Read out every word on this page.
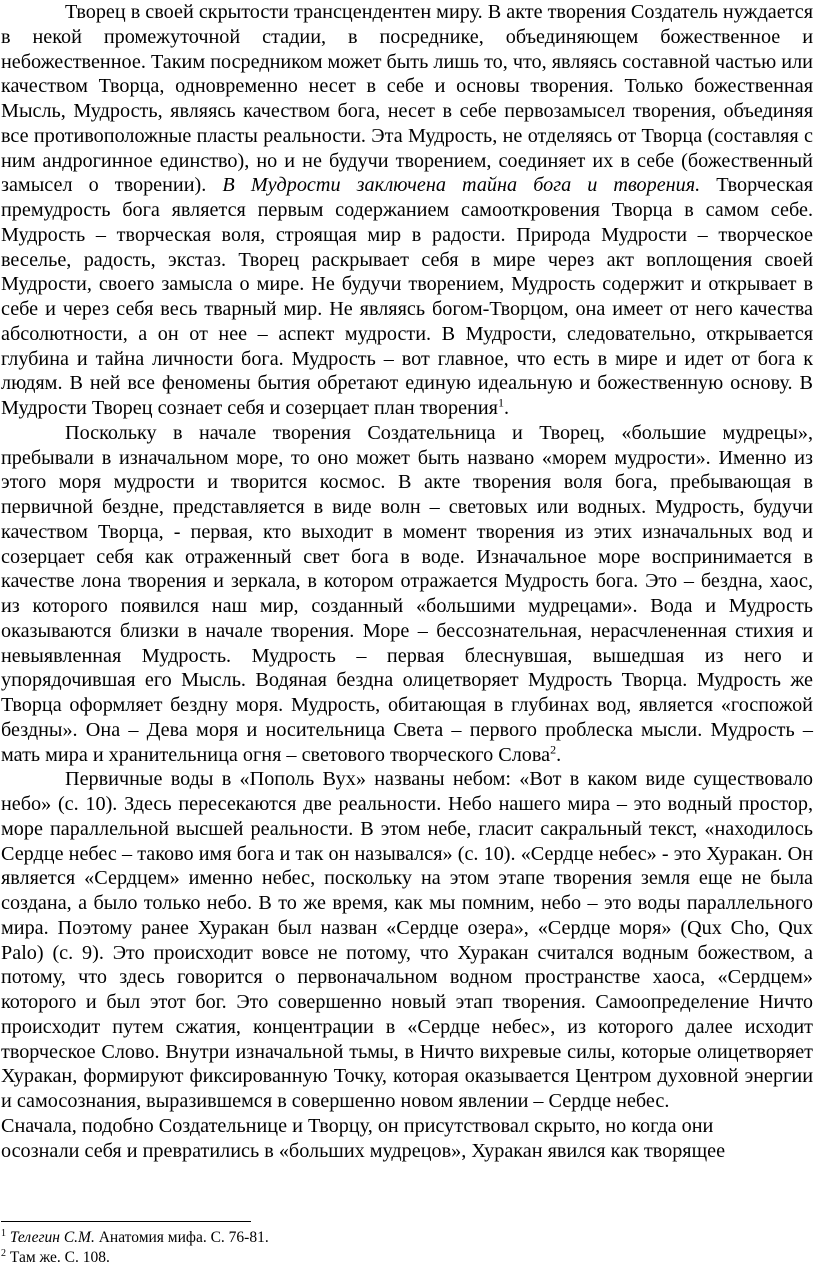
Творец в своей скрытости трансцендентен миру. В акте творения Создатель нуждается в некой промежуточной стадии, в посреднике, объединяющем божественное и небожественное. Таким посредником может быть лишь то, что, являясь составной частью или качеством Творца, одновременно несет в себе и основы творения. Только божественная Мысль, Мудрость, являясь качеством бога, несет в себе первозамысел творения, объединяя все противоположные пласты реальности. Эта Мудрость, не отделяясь от Творца (составляя с ним андрогинное единство), но и не будучи творением, соединяет их в себе (божественный замысел о творении). В Мудрости заключена тайна бога и творения. Творческая премудрость бога является первым содержанием самооткровения Творца в самом себе. Мудрость – творческая воля, строящая мир в радости. Природа Мудрости – творческое веселье, радость, экстаз. Творец раскрывает себя в мире через акт воплощения своей Мудрости, своего замысла о мире. Не будучи творением, Мудрость содержит и открывает в себе и через себя весь тварный мир. Не являясь богом-Творцом, она имеет от него качества абсолютности, а он от нее – аспект мудрости. В Мудрости, следовательно, открывается глубина и тайна личности бога. Мудрость – вот главное, что есть в мире и идет от бога к людям. В ней все феномены бытия обретают единую идеальную и божественную основу. В Мудрости Творец сознает себя и созерцает план творения$^1$.

Поскольку в начале творения Создательница и Творец, «большие мудрецы», пребывали в изначальном море, то оно может быть названо «морем мудрости». Именно из этого моря мудрости и творится космос. В акте творения воля бога, пребывающая в первичной бездне, представляется в виде волн – световых или водных. Мудрость, будучи качеством Творца, - первая, кто выходит в момент творения из этих изначальных вод и созерцает себя как отраженный свет бога в воде. Изначальное море воспринимается в качестве лона творения и зеркала, в котором отражается Мудрость бога. Это – бездна, хаос, из которого появился наш мир, созданный «большими мудрецами». Вода и Мудрость оказываются близки в начале творения. Море – бессознательная, нерасчлененная стихия и невыявленная Мудрость. Мудрость – первая блеснувшая, вышедшая из него и упорядочившая его Мысль. Водяная бездна олицетворяет Мудрость Творца. Мудрость же Творца оформляет бездну моря. Мудрость, обитающая в глубинах вод, является «госпожой бездны». Она – Дева моря и носительница Света – первого проблеска мысли. Мудрость – мать мира и хранительница огня – светового творческого Слова$^2$.

Первичные воды в «Пополь Вух» названы небом: «Вот в каком виде существовало небо» (с. 10). Здесь пересекаются две реальности. Небо нашего мира – это водный простор, море параллельной высшей реальности. В этом небе, гласит сакральный текст, «находилось Сердце небес – таково имя бога и так он назывался» (с. 10). «Сердце небес» - это Хуракан. Он является «Сердцем» именно небес, поскольку на этом этапе творения земля еще не была создана, а было только небо. В то же время, как мы помним, небо – это воды параллельного мира. Поэтому ранее Хуракан был назван «Сердце озера», «Сердце моря» (Qux Cho, Qux Palo) (с. 9). Это происходит вовсе не потому, что Хуракан считался водным божеством, а потому, что здесь говорится о первоначальном водном пространстве хаоса, «Сердцем» которого и был этот бог. Это совершенно новый этап творения. Самоопределение Ничто происходит путем сжатия, концентрации в «Сердце небес», из которого далее исходит творческое Слово. Внутри изначальной тьмы, в Ничто вихревые силы, которые олицетворяет Хуракан, формируют фиксированную Точку, которая оказывается Центром духовной энергии и самосознания, выразившемся в совершенно новом явлении – Сердце небес.

Сначала, подобно Создательнице и Творцу, он присутствовал скрыто, но когда они
осознали себя и превратились в «больших мудрецов», Хуракан явился как творящее

$^1$ Телегин С.М. Анатомия мифа. С. 76-81.

$^2$ Там же. С. 108.
